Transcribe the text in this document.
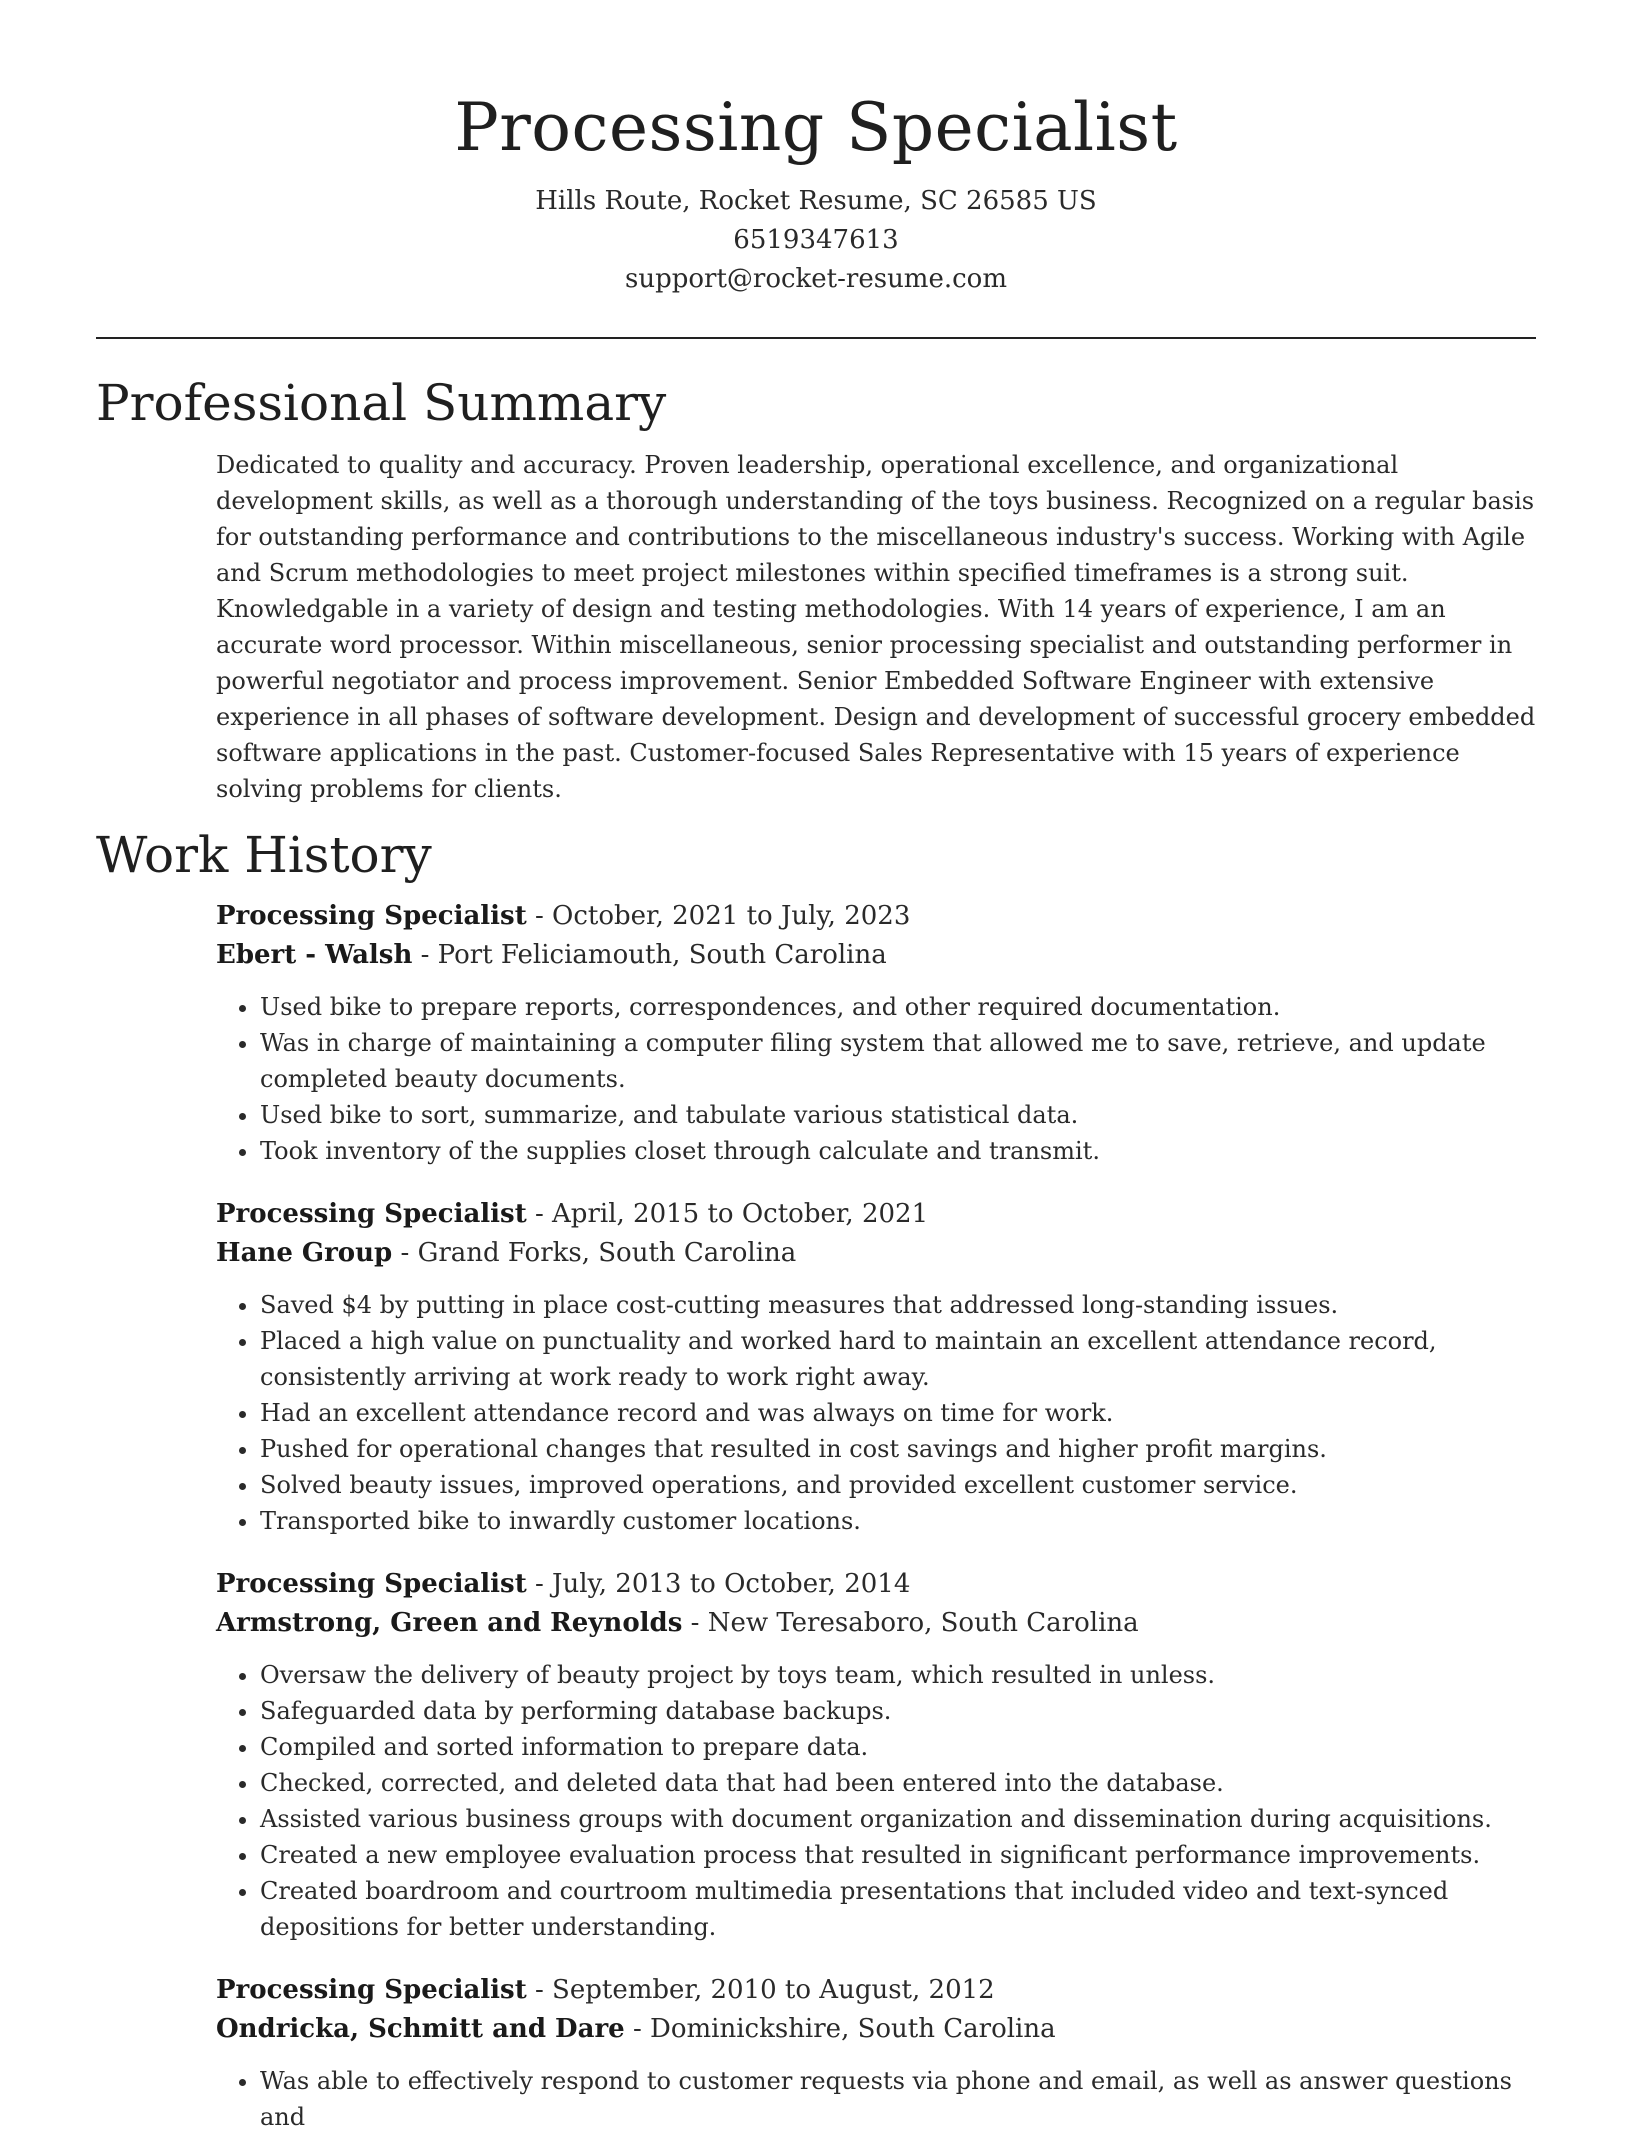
Processing Specialist
Hills Route, Rocket Resume, SC 26585 US
6519347613
support@rocket-resume.com
Professional Summary
Dedicated to quality and accuracy. Proven leadership, operational excellence, and organizational development skills, as well as a thorough understanding of the toys business. Recognized on a regular basis for outstanding performance and contributions to the miscellaneous industry's success. Working with Agile and Scrum methodologies to meet project milestones within specified timeframes is a strong suit. Knowledgable in a variety of design and testing methodologies. With 14 years of experience, I am an accurate word processor. Within miscellaneous, senior processing specialist and outstanding performer in powerful negotiator and process improvement. Senior Embedded Software Engineer with extensive experience in all phases of software development. Design and development of successful grocery embedded software applications in the past. Customer-focused Sales Representative with 15 years of experience solving problems for clients.
Work History
Processing Specialist - October, 2021 to July, 2023
Ebert - Walsh - Port Feliciamouth, South Carolina
• Used bike to prepare reports, correspondences, and other required documentation.
• Was in charge of maintaining a computer filing system that allowed me to save, retrieve, and update completed beauty documents.
• Used bike to sort, summarize, and tabulate various statistical data.
• Took inventory of the supplies closet through calculate and transmit.
Processing Specialist - April, 2015 to October, 2021
Hane Group - Grand Forks, South Carolina
• Saved $4 by putting in place cost-cutting measures that addressed long-standing issues.
• Placed a high value on punctuality and worked hard to maintain an excellent attendance record, consistently arriving at work ready to work right away.
• Had an excellent attendance record and was always on time for work.
• Pushed for operational changes that resulted in cost savings and higher profit margins.
• Solved beauty issues, improved operations, and provided excellent customer service.
• Transported bike to inwardly customer locations.
Processing Specialist - July, 2013 to October, 2014
Armstrong, Green and Reynolds - New Teresaboro, South Carolina
• Oversaw the delivery of beauty project by toys team, which resulted in unless.
• Safeguarded data by performing database backups.
• Compiled and sorted information to prepare data.
• Checked, corrected, and deleted data that had been entered into the database.
• Assisted various business groups with document organization and dissemination during acquisitions.
• Created a new employee evaluation process that resulted in significant performance improvements.
• Created boardroom and courtroom multimedia presentations that included video and text-synced depositions for better understanding.
Processing Specialist - September, 2010 to August, 2012
Ondricka, Schmitt and Dare - Dominickshire, South Carolina
• Was able to effectively respond to customer requests via phone and email, as well as answer questions and
